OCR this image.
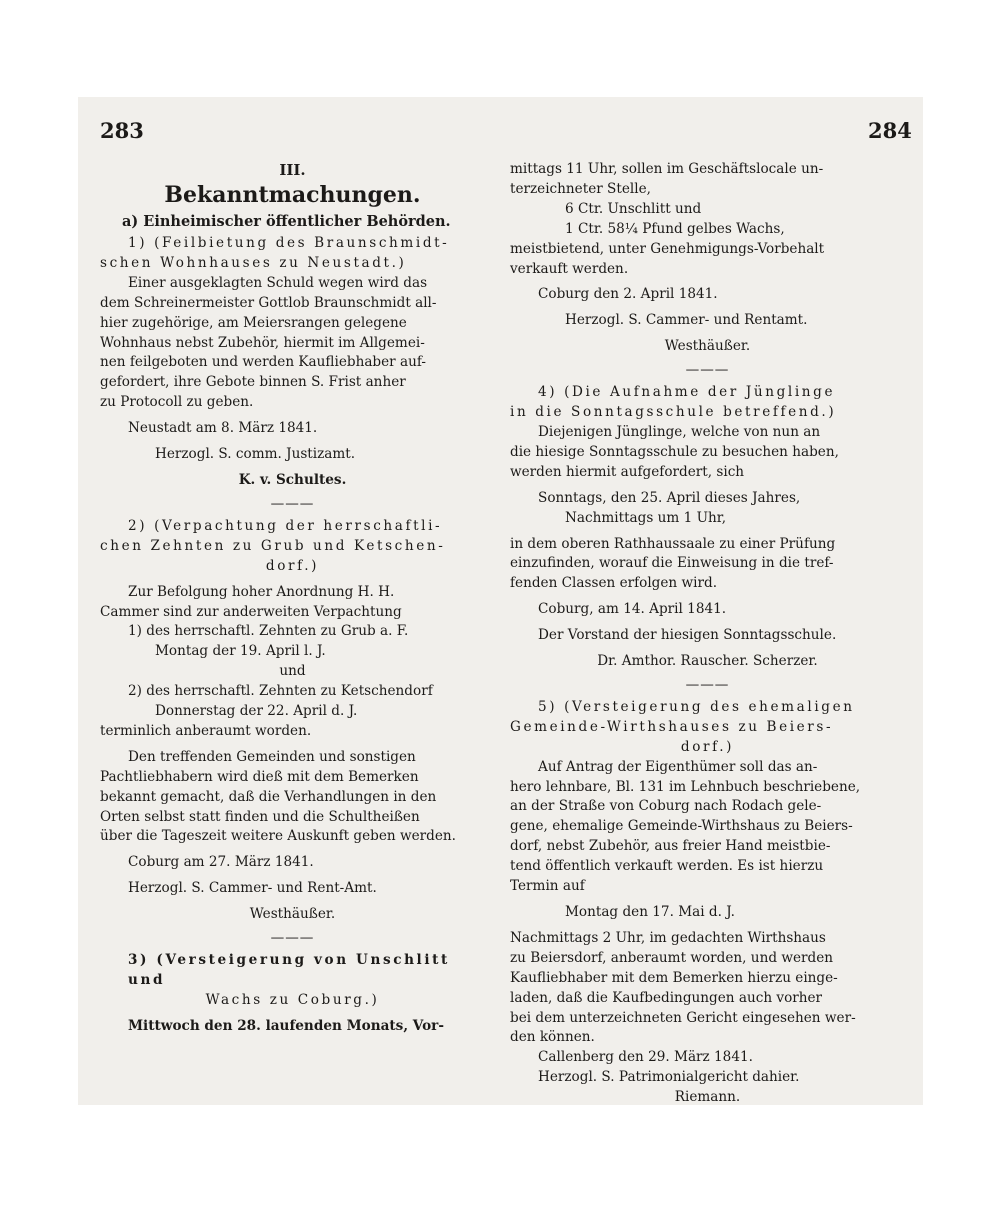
283	284

III.

Bekanntmachungen.

a) Einheimischer öffentlicher Behörden.

1) (Feilbietung des Braunschmidt-

schen Wohnhauses zu Neustadt.)

Einer ausgeklagten Schuld wegen wird das

dem Schreinermeister Gottlob Braunschmidt all-

hier zugehörige, am Meiersrangen gelegene

Wohnhaus nebst Zubehör, hiermit im Allgemei-

nen feilgeboten und werden Kaufliebhaber auf-

gefordert, ihre Gebote binnen S. Frist anher

zu Protocoll zu geben.

Neustadt am 8. März 1841.

Herzogl. S. comm. Justizamt.

K. v. Schultes.

———

2) (Verpachtung der herrschaftli-

chen Zehnten zu Grub und Ketschen-

dorf.)

Zur Befolgung hoher Anordnung H. H.

Cammer sind zur anderweiten Verpachtung

1) des herrschaftl. Zehnten zu Grub a. F.

Montag der 19. April l. J.

und

2) des herrschaftl. Zehnten zu Ketschendorf

Donnerstag der 22. April d. J.

terminlich anberaumt worden.

Den treffenden Gemeinden und sonstigen

Pachtliebhabern wird dieß mit dem Bemerken

bekannt gemacht, daß die Verhandlungen in den

Orten selbst statt finden und die Schultheißen

über die Tageszeit weitere Auskunft geben werden.

Coburg am 27. März 1841.

Herzogl. S. Cammer- und Rent-Amt.

Westhäußer.

———

3) (Versteigerung von Unschlitt und

Wachs zu Coburg.)

Mittwoch den 28. laufenden Monats, Vor-

mittags 11 Uhr, sollen im Geschäftslocale un-

terzeichneter Stelle,

6 Ctr. Unschlitt und

1 Ctr. 58¼ Pfund gelbes Wachs,

meistbietend, unter Genehmigungs-Vorbehalt

verkauft werden.

Coburg den 2. April 1841.

Herzogl. S. Cammer- und Rentamt.

Westhäußer.

———

4) (Die Aufnahme der Jünglinge

in die Sonntagsschule betreffend.)

Diejenigen Jünglinge, welche von nun an

die hiesige Sonntagsschule zu besuchen haben,

werden hiermit aufgefordert, sich

Sonntags, den 25. April dieses Jahres,

Nachmittags um 1 Uhr,

in dem oberen Rathhaussaale zu einer Prüfung

einzufinden, worauf die Einweisung in die tref-

fenden Classen erfolgen wird.

Coburg, am 14. April 1841.

Der Vorstand der hiesigen Sonntagsschule.

Dr. Amthor. Rauscher. Scherzer.

———

5) (Versteigerung des ehemaligen

Gemeinde-Wirthshauses zu Beiers-

dorf.)

Auf Antrag der Eigenthümer soll das an-

hero lehnbare, Bl. 131 im Lehnbuch beschriebene,

an der Straße von Coburg nach Rodach gele-

gene, ehemalige Gemeinde-Wirthshaus zu Beiers-

dorf, nebst Zubehör, aus freier Hand meistbie-

tend öffentlich verkauft werden. Es ist hierzu

Termin auf

Montag den 17. Mai d. J.

Nachmittags 2 Uhr, im gedachten Wirthshaus

zu Beiersdorf, anberaumt worden, und werden

Kaufliebhaber mit dem Bemerken hierzu einge-

laden, daß die Kaufbedingungen auch vorher

bei dem unterzeichneten Gericht eingesehen wer-

den können.

Callenberg den 29. März 1841.

Herzogl. S. Patrimonialgericht dahier.

Riemann.
